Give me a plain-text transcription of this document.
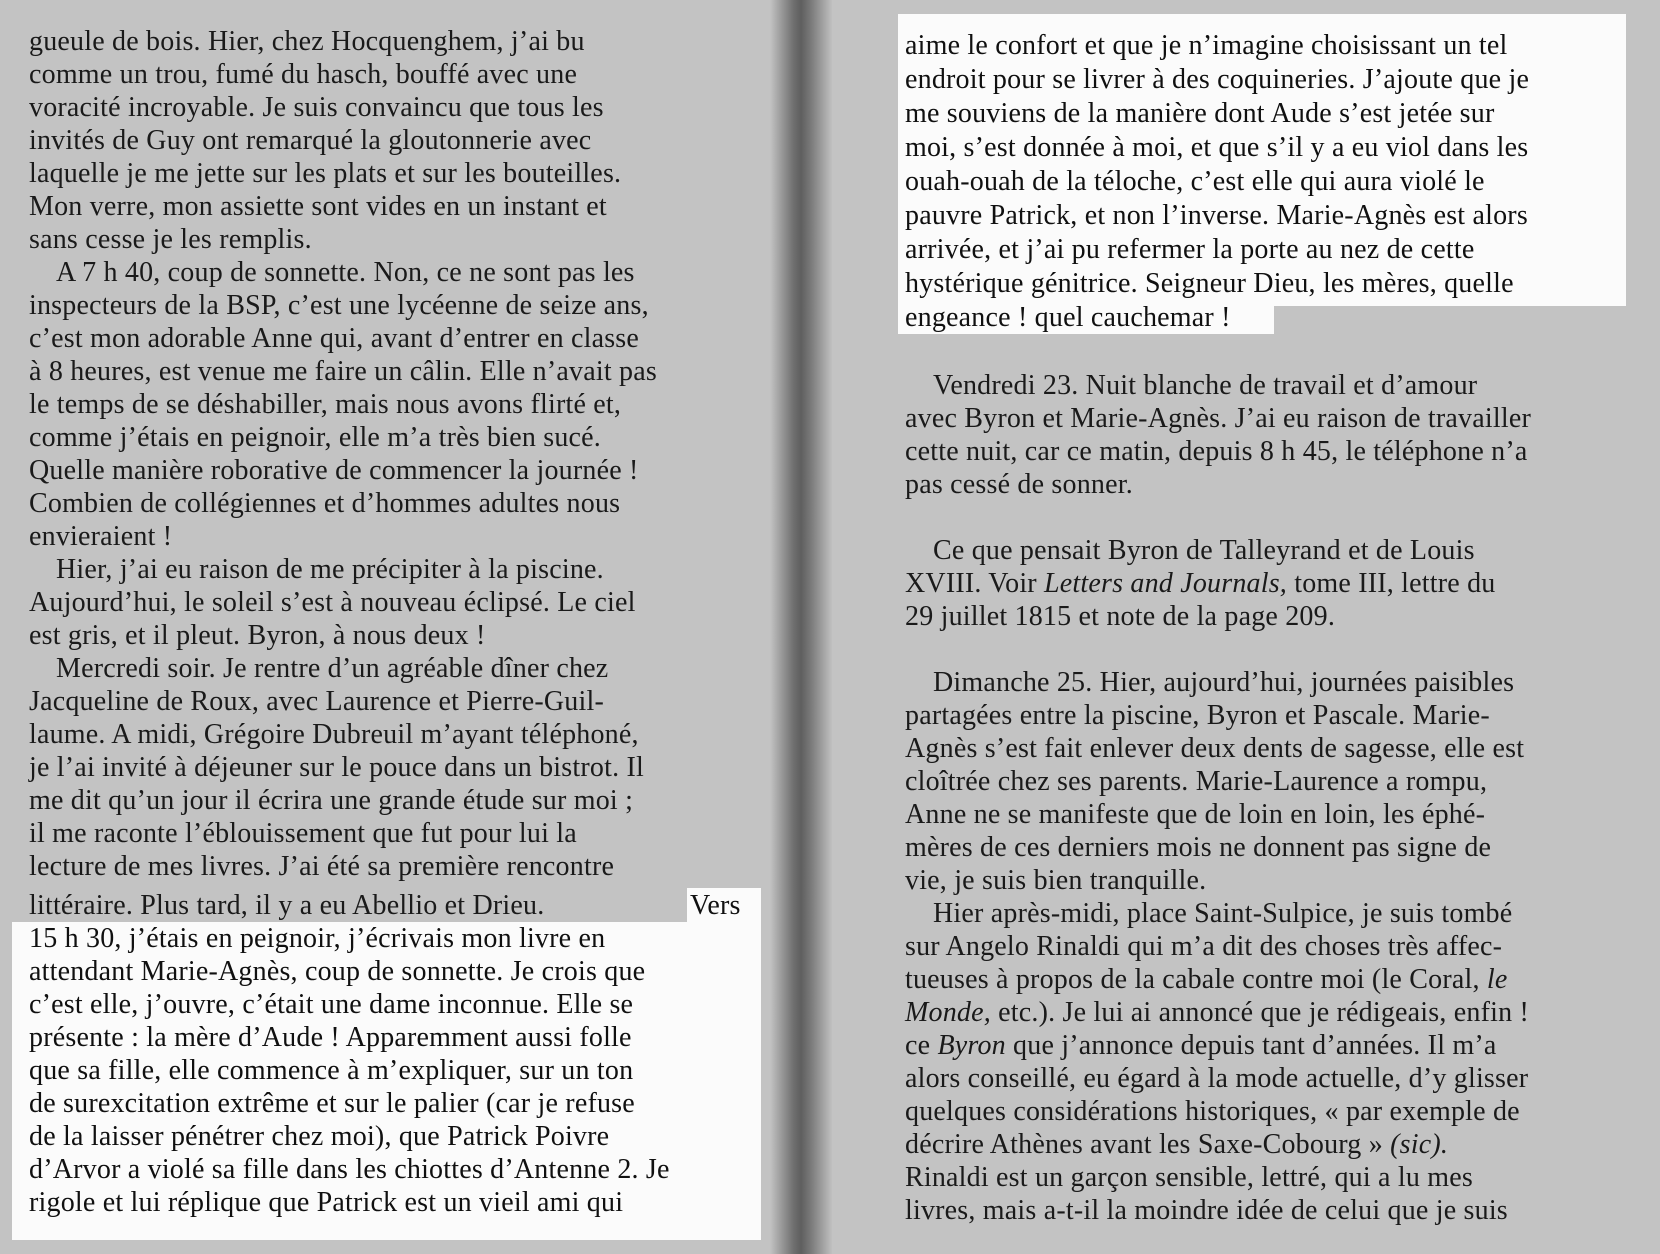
gueule de bois. Hier, chez Hocquenghem, j’ai bu
comme un trou, fumé du hasch, bouffé avec une
voracité incroyable. Je suis convaincu que tous les
invités de Guy ont remarqué la gloutonnerie avec
laquelle je me jette sur les plats et sur les bouteilles.
Mon verre, mon assiette sont vides en un instant et
sans cesse je les remplis.
A 7 h 40, coup de sonnette. Non, ce ne sont pas les
inspecteurs de la BSP, c’est une lycéenne de seize ans,
c’est mon adorable Anne qui, avant d’entrer en classe
à 8 heures, est venue me faire un câlin. Elle n’avait pas
le temps de se déshabiller, mais nous avons flirté et,
comme j’étais en peignoir, elle m’a très bien sucé.
Quelle manière roborative de commencer la journée !
Combien de collégiennes et d’hommes adultes nous
envieraient !
Hier, j’ai eu raison de me précipiter à la piscine.
Aujourd’hui, le soleil s’est à nouveau éclipsé. Le ciel
est gris, et il pleut. Byron, à nous deux !
Mercredi soir. Je rentre d’un agréable dîner chez
Jacqueline de Roux, avec Laurence et Pierre-Guil-
laume. A midi, Grégoire Dubreuil m’ayant téléphoné,
je l’ai invité à déjeuner sur le pouce dans un bistrot. Il
me dit qu’un jour il écrira une grande étude sur moi ;
il me raconte l’éblouissement que fut pour lui la
lecture de mes livres. J’ai été sa première rencontre
littéraire. Plus tard, il y a eu Abellio et Drieu.	Vers
15 h 30, j’étais en peignoir, j’écrivais mon livre en
attendant Marie-Agnès, coup de sonnette. Je crois que
c’est elle, j’ouvre, c’était une dame inconnue. Elle se
présente : la mère d’Aude ! Apparemment aussi folle
que sa fille, elle commence à m’expliquer, sur un ton
de surexcitation extrême et sur le palier (car je refuse
de la laisser pénétrer chez moi), que Patrick Poivre
d’Arvor a violé sa fille dans les chiottes d’Antenne 2. Je
rigole et lui réplique que Patrick est un vieil ami qui
aime le confort et que je n’imagine choisissant un tel
endroit pour se livrer à des coquineries. J’ajoute que je
me souviens de la manière dont Aude s’est jetée sur
moi, s’est donnée à moi, et que s’il y a eu viol dans les
ouah-ouah de la téloche, c’est elle qui aura violé le
pauvre Patrick, et non l’inverse. Marie-Agnès est alors
arrivée, et j’ai pu refermer la porte au nez de cette
hystérique génitrice. Seigneur Dieu, les mères, quelle
engeance ! quel cauchemar !
Vendredi 23. Nuit blanche de travail et d’amour
avec Byron et Marie-Agnès. J’ai eu raison de travailler
cette nuit, car ce matin, depuis 8 h 45, le téléphone n’a
pas cessé de sonner.
Ce que pensait Byron de Talleyrand et de Louis
XVIII. Voir Letters and Journals, tome III, lettre du
29 juillet 1815 et note de la page 209.
Dimanche 25. Hier, aujourd’hui, journées paisibles
partagées entre la piscine, Byron et Pascale. Marie-
Agnès s’est fait enlever deux dents de sagesse, elle est
cloîtrée chez ses parents. Marie-Laurence a rompu,
Anne ne se manifeste que de loin en loin, les éphé-
mères de ces derniers mois ne donnent pas signe de
vie, je suis bien tranquille.
Hier après-midi, place Saint-Sulpice, je suis tombé
sur Angelo Rinaldi qui m’a dit des choses très affec-
tueuses à propos de la cabale contre moi (le Coral, le
Monde, etc.). Je lui ai annoncé que je rédigeais, enfin !
ce Byron que j’annonce depuis tant d’années. Il m’a
alors conseillé, eu égard à la mode actuelle, d’y glisser
quelques considérations historiques, « par exemple de
décrire Athènes avant les Saxe-Cobourg » (sic).
Rinaldi est un garçon sensible, lettré, qui a lu mes
livres, mais a-t-il la moindre idée de celui que je suis
